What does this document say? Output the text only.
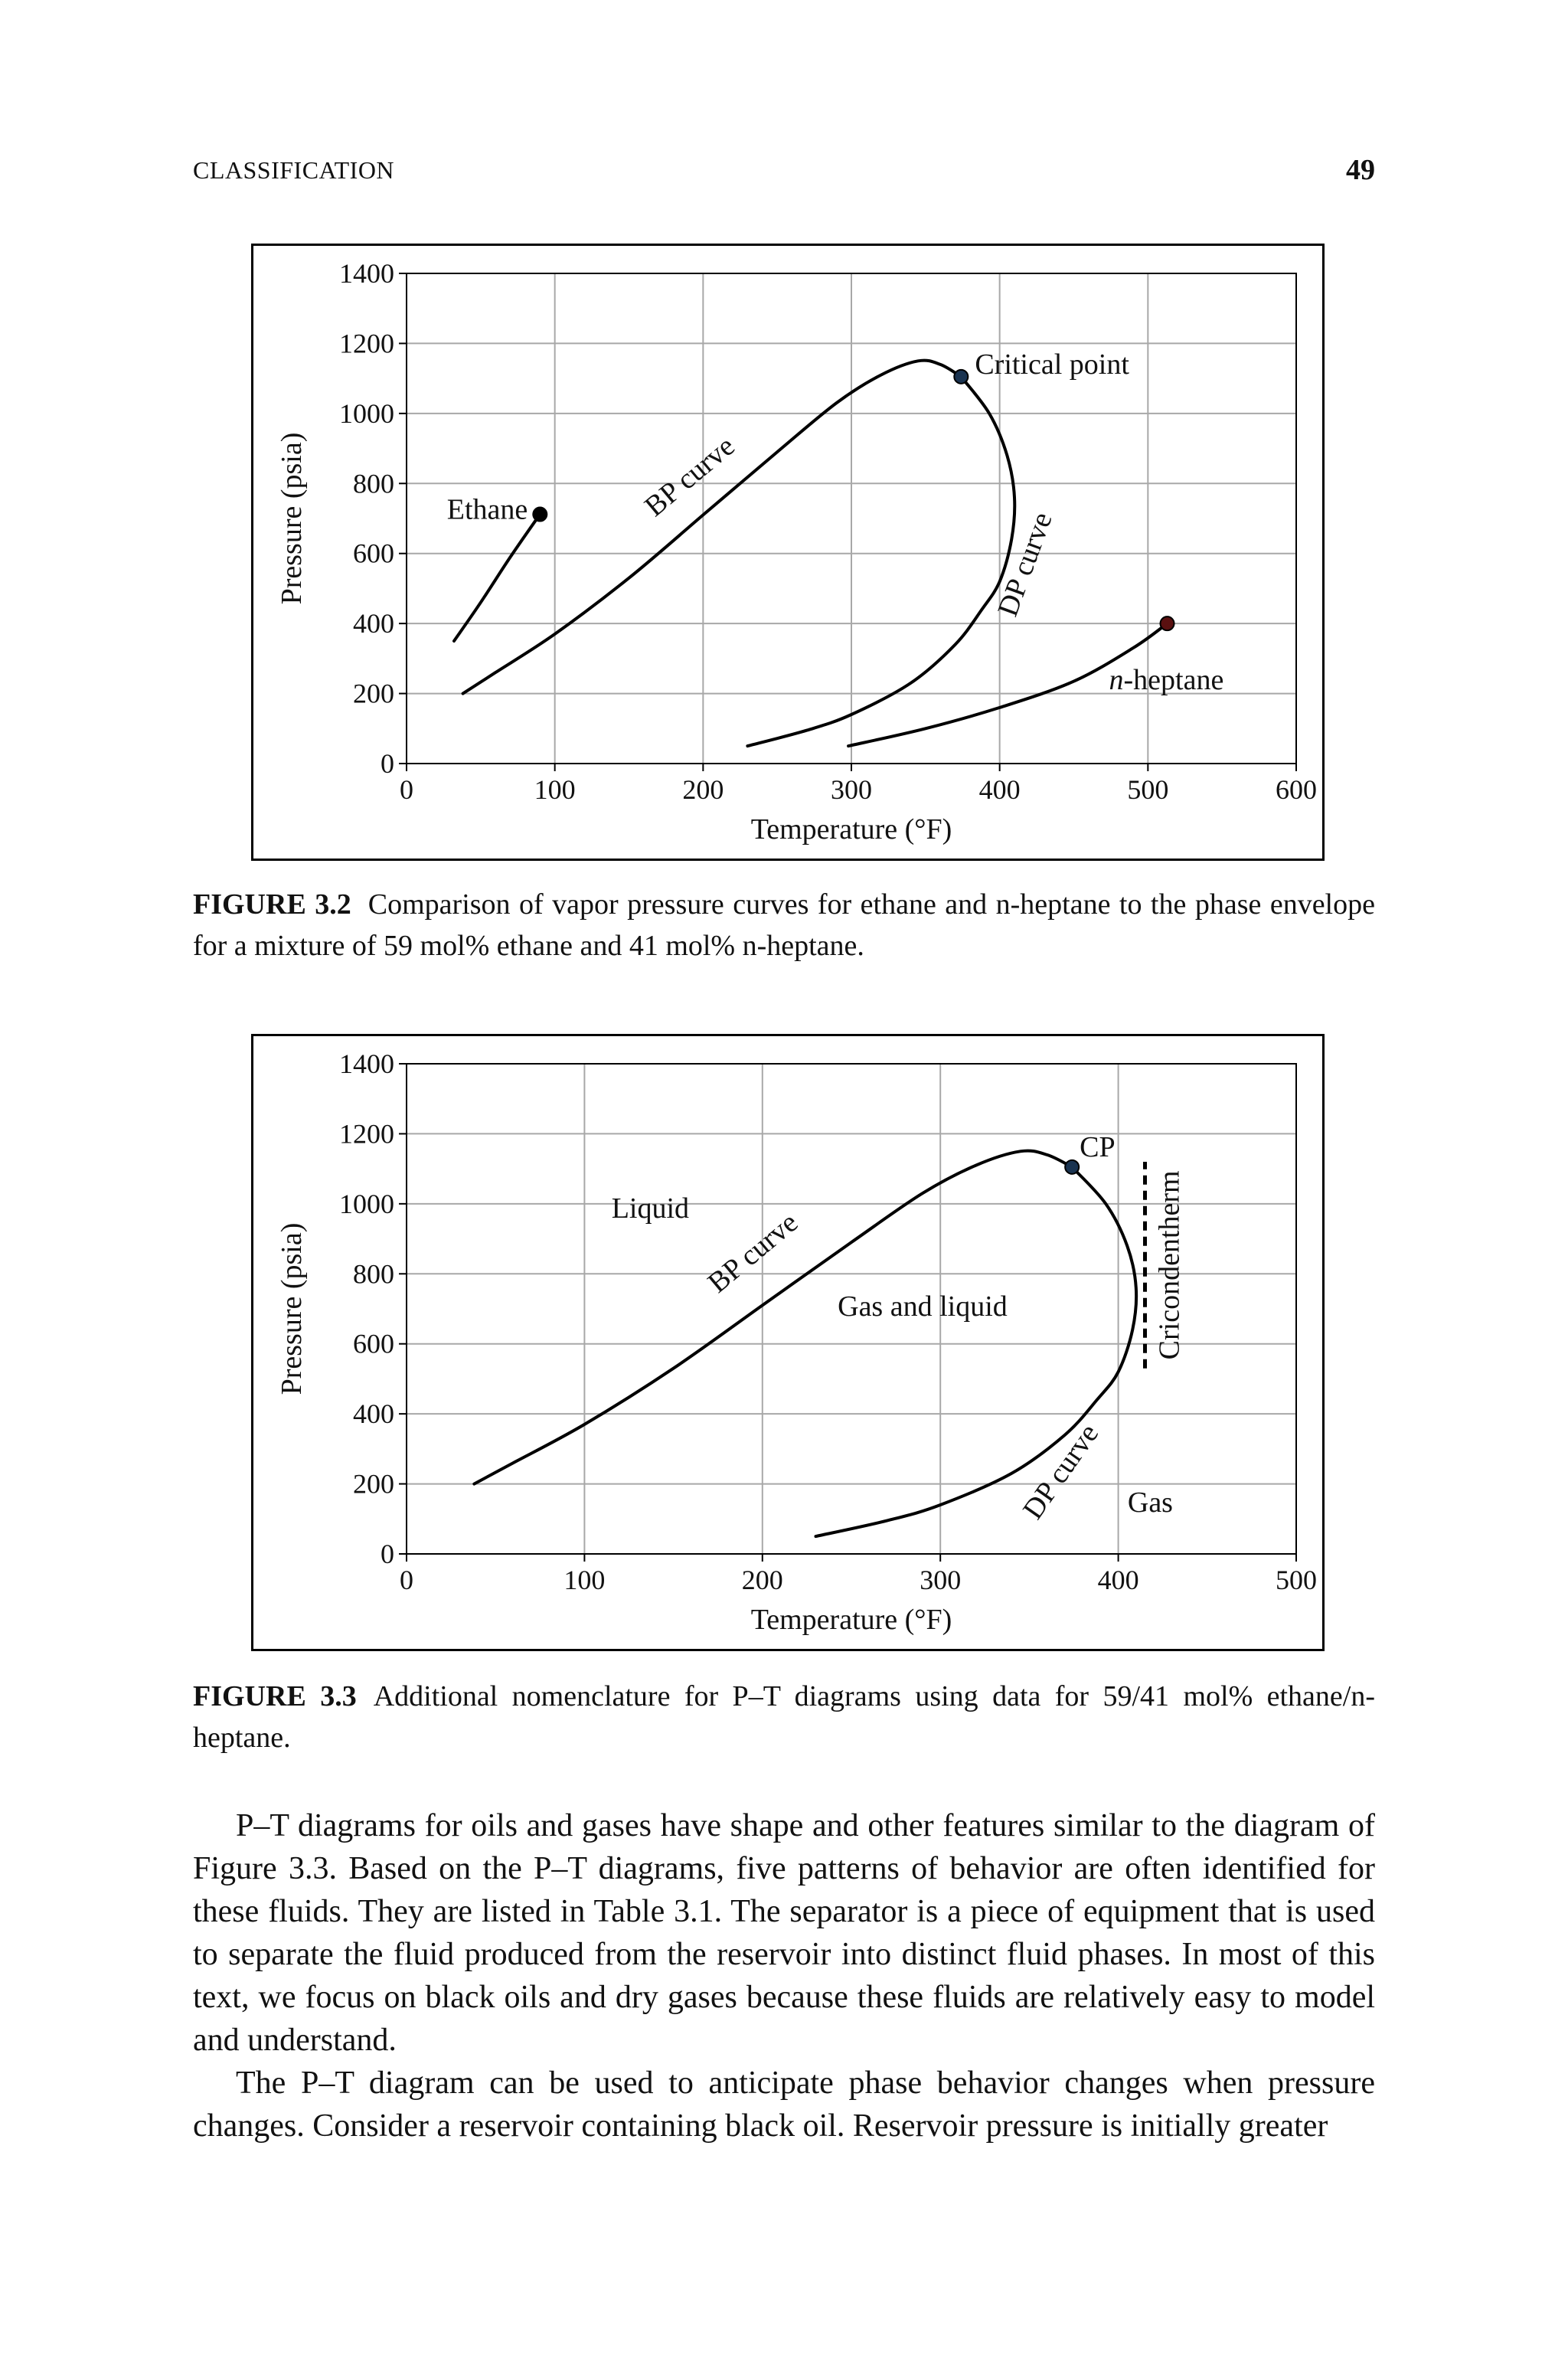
CLASSIFICATION	49
0	100	200	300	400	500	600
0
200
400
600
800
1000
1200
1400
Temperature (°F)
Pressure (psia)
Critical point
Ethane
n-heptane
BP curve
DP curve
FIGURE 3.2 Comparison of vapor pressure curves for ethane and n-heptane to the phase envelope for a mixture of 59 mol% ethane and 41 mol% n-heptane.
0	100	200	300	400	500
0
200
400
600
800
1000
1200
1400
Temperature (°F)
Pressure (psia)
CP
Liquid
Gas and liquid
Gas
BP curve
DP curve
Cricondentherm
FIGURE 3.3 Additional nomenclature for P–T diagrams using data for 59/41 mol% ethane/n-heptane.

P–T diagrams for oils and gases have shape and other features similar to the diagram of Figure 3.3. Based on the P–T diagrams, five patterns of behavior are often identified for these fluids. They are listed in Table 3.1. The separator is a piece of equipment that is used to separate the fluid produced from the reservoir into distinct fluid phases. In most of this text, we focus on black oils and dry gases because these fluids are relatively easy to model and understand.

The P–T diagram can be used to anticipate phase behavior changes when pressure changes. Consider a reservoir containing black oil. Reservoir pressure is initially greater
